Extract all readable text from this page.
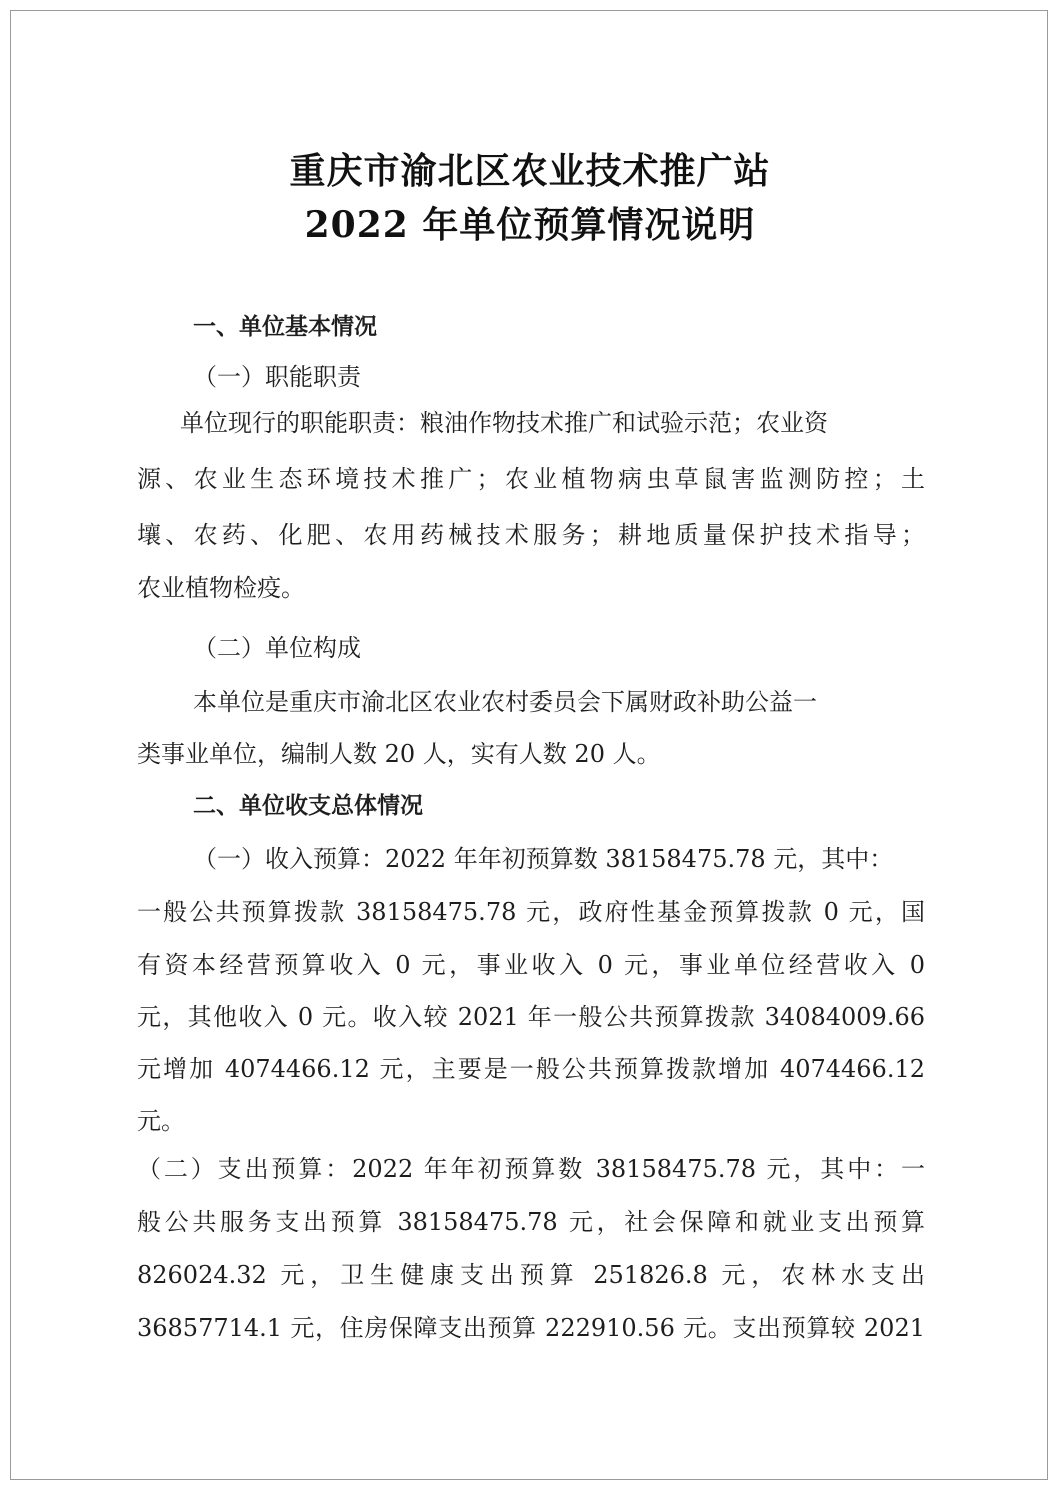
重庆市渝北区农业技术推广站
2022 年单位预算情况说明
一、单位基本情况
（一）职能职责
单位现行的职能职责：粮油作物技术推广和试验示范；农业资
源、农业生态环境技术推广；农业植物病虫草鼠害监测防控；土
壤、农药、化肥、农用药械技术服务；耕地质量保护技术指导；
农业植物检疫。
（二）单位构成
本单位是重庆市渝北区农业农村委员会下属财政补助公益一
类事业单位，编制人数 20 人，实有人数 20 人。
二、单位收支总体情况
（一）收入预算：2022 年年初预算数 38158475.78 元，其中：
一般公共预算拨款 38158475.78 元，政府性基金预算拨款 0 元，国
有资本经营预算收入 0 元，事业收入 0 元，事业单位经营收入 0
元，其他收入 0 元。收入较 2021 年一般公共预算拨款 34084009.66
元增加 4074466.12 元，主要是一般公共预算拨款增加 4074466.12
元。
（二）支出预算：2022 年年初预算数 38158475.78 元，其中：一
般公共服务支出预算 38158475.78 元，社会保障和就业支出预算
826024.32 元，卫生健康支出预算 251826.8 元，农林水支出
36857714.1 元，住房保障支出预算 222910.56 元。支出预算较 2021
